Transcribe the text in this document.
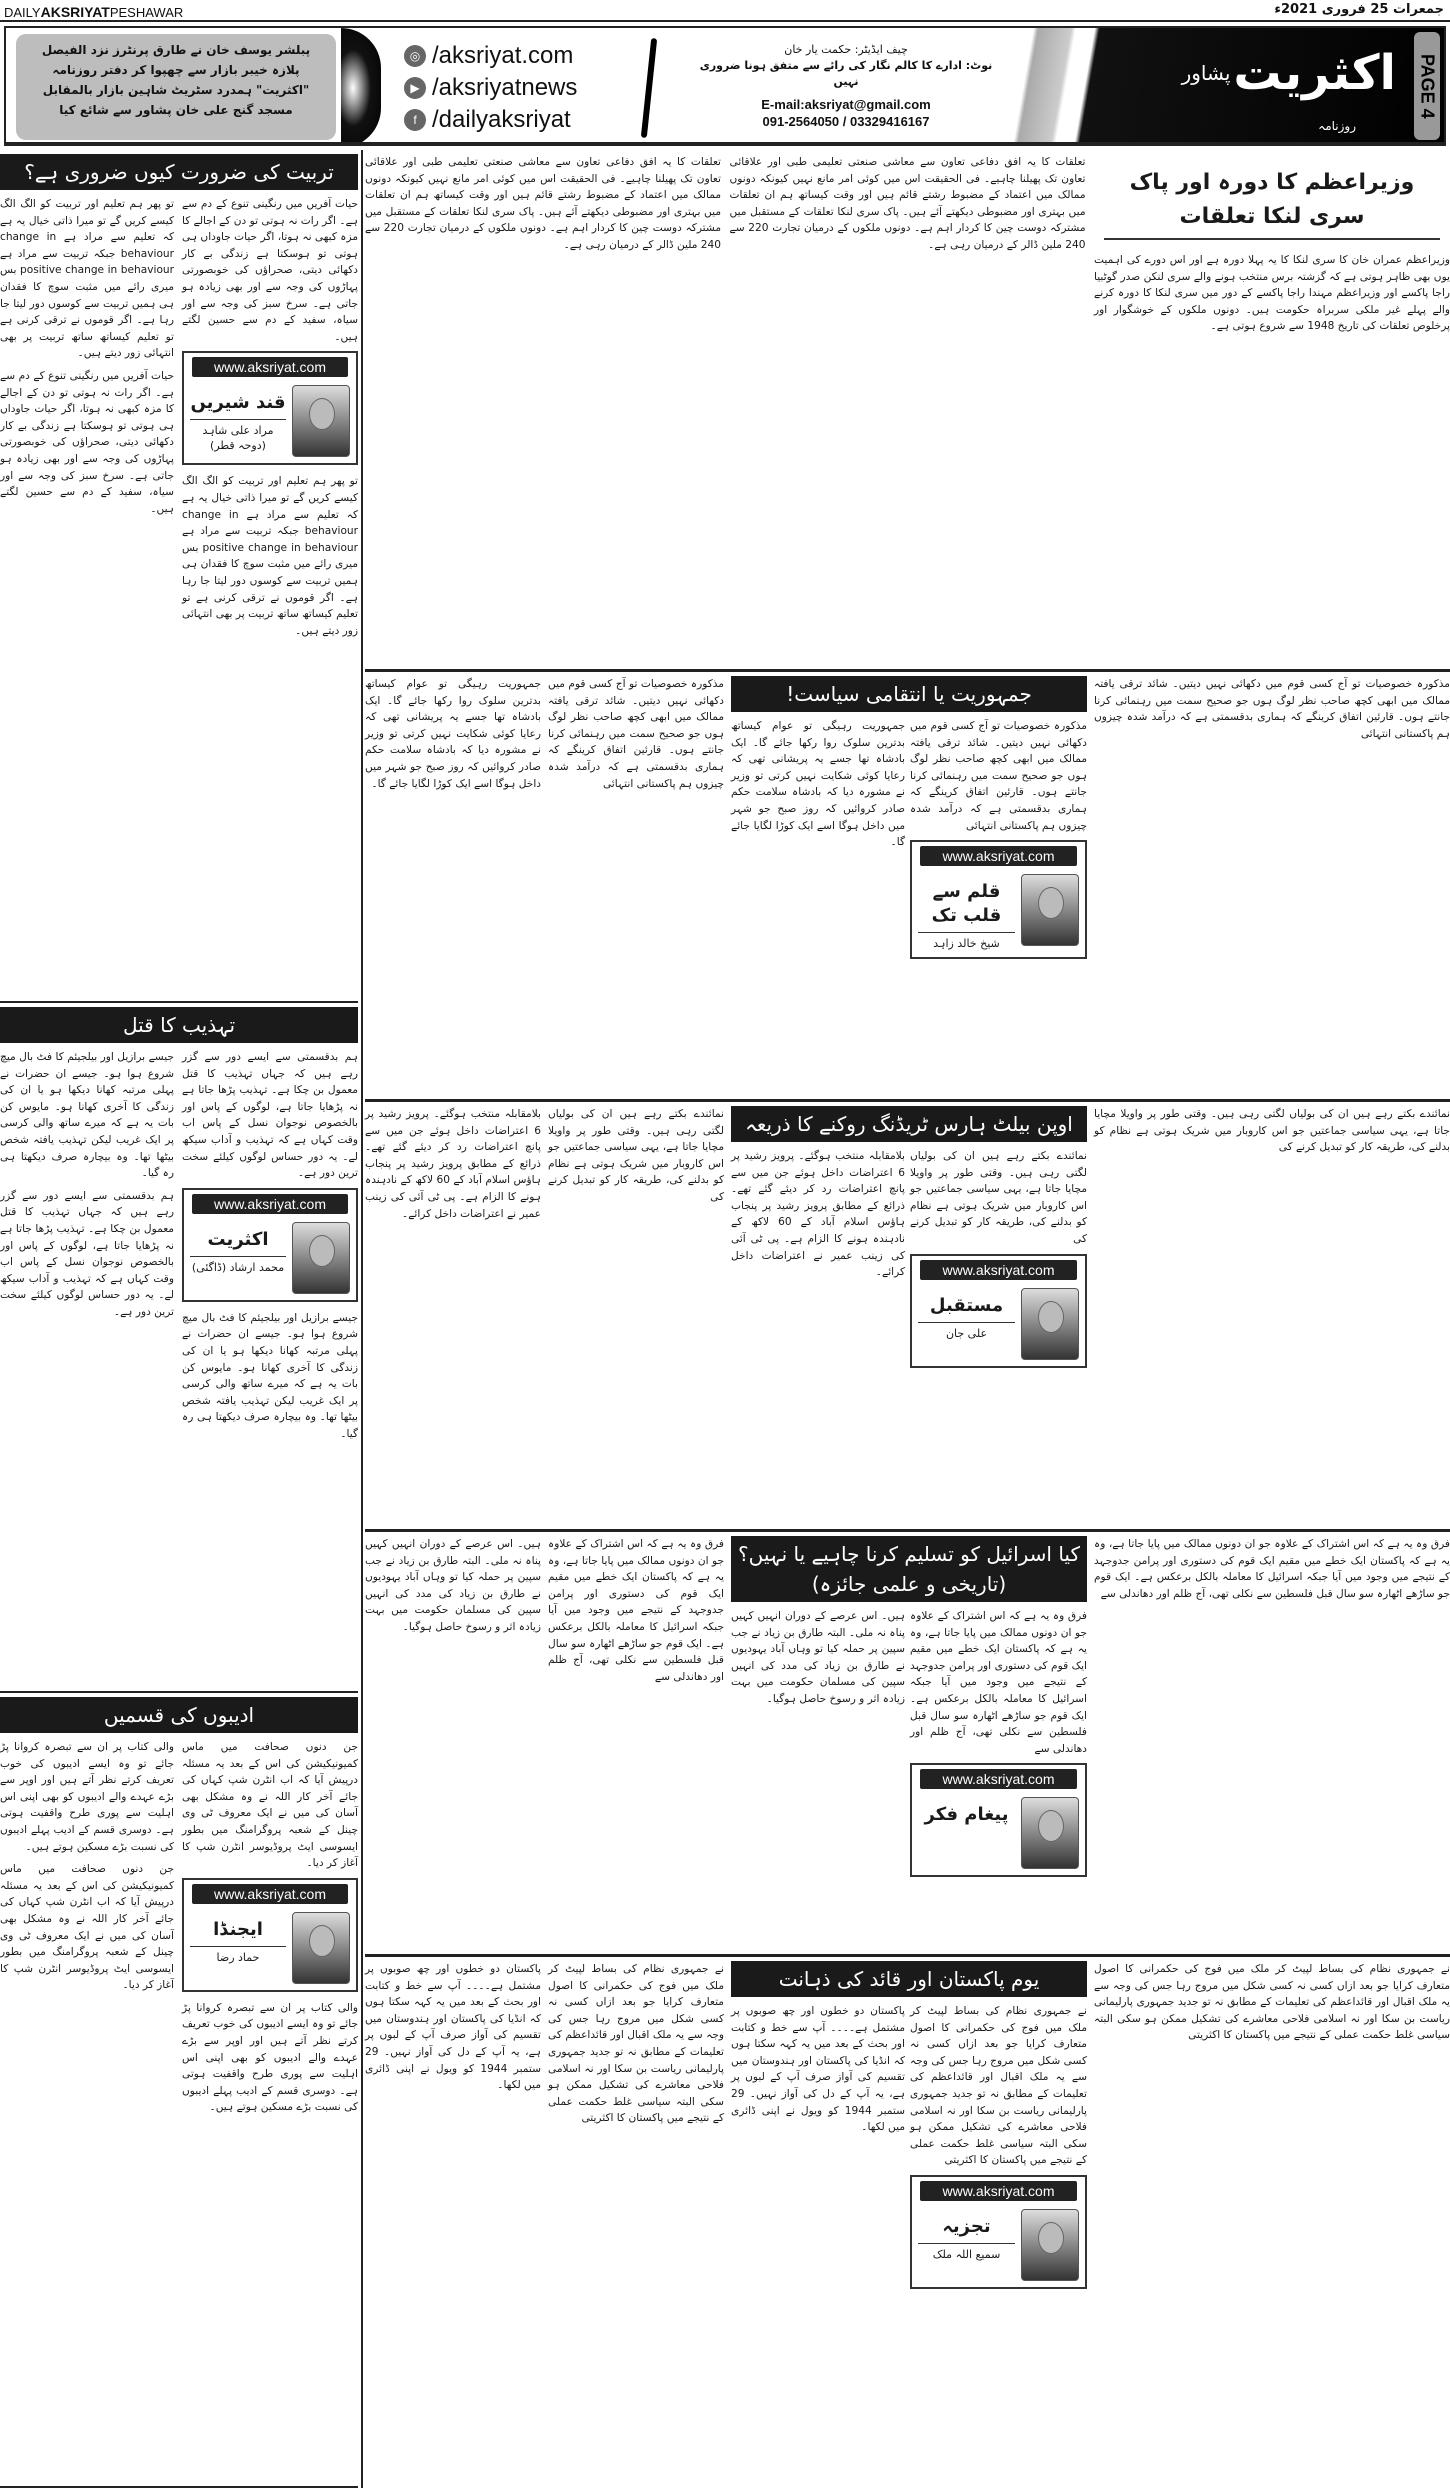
DAILYAKSRIYATPESHAWAR	جمعرات 25 فروری 2021ء
پبلشر یوسف خان نے طارق پرنٹرز نزد الفیصل پلازہ خیبر بازار سے چھپوا کر دفتر روزنامہ "اکثریت" ہمدرد سٹریٹ شاہین بازار بالمقابل مسجد گنج علی خان پشاور سے شائع کیا
◎ /aksriyat.com
▶ /aksriyatnews
f /dailyaksriyat
چیف ایڈیٹر: حکمت یار خان
نوٹ: ادارے کا کالم نگار کی رائے سے متفق ہونا ضروری نہیں
E-mail:aksriyat@gmail.com
091-2564050 / 03329416167
اکثریت
پشاور
روزنامہ
PAGE 4
تربیت کی ضرورت کیوں ضروری ہے؟

حیات آفریں میں رنگینی تنوع کے دم سے ہے۔ اگر رات نہ ہوتی تو دن کے اجالے کا مزہ کبھی نہ ہوتا، اگر حیات جاوداں ہی ہوتی تو ہوسکتا ہے زندگی بے کار دکھائی دیتی، صحراؤں کی خوبصورتی پہاڑوں کی وجہ سے اور بھی زیادہ ہو جاتی ہے۔ سرخ سبز کی وجہ سے اور سیاہ، سفید کے دم سے حسین لگتے ہیں۔

www.aksriyat.com
قند شیریں
مراد علی شاہد (دوحہ قطر)

تو پھر ہم تعلیم اور تربیت کو الگ الگ کیسے کریں گے تو میرا ذاتی خیال یہ ہے کہ تعلیم سے مراد ہے change in behaviour جبکہ تربیت سے مراد ہے positive change in behaviour بس میری رائے میں مثبت سوچ کا فقدان ہی ہمیں تربیت سے کوسوں دور لیتا جا رہا ہے۔ اگر قوموں نے ترقی کرنی ہے تو تعلیم کیساتھ ساتھ تربیت پر بھی انتہائی زور دیتے ہیں۔

تو پھر ہم تعلیم اور تربیت کو الگ الگ کیسے کریں گے تو میرا ذاتی خیال یہ ہے کہ تعلیم سے مراد ہے change in behaviour جبکہ تربیت سے مراد ہے positive change in behaviour بس میری رائے میں مثبت سوچ کا فقدان ہی ہمیں تربیت سے کوسوں دور لیتا جا رہا ہے۔ اگر قوموں نے ترقی کرنی ہے تو تعلیم کیساتھ ساتھ تربیت پر بھی انتہائی زور دیتے ہیں۔

حیات آفریں میں رنگینی تنوع کے دم سے ہے۔ اگر رات نہ ہوتی تو دن کے اجالے کا مزہ کبھی نہ ہوتا، اگر حیات جاوداں ہی ہوتی تو ہوسکتا ہے زندگی بے کار دکھائی دیتی، صحراؤں کی خوبصورتی پہاڑوں کی وجہ سے اور بھی زیادہ ہو جاتی ہے۔ سرخ سبز کی وجہ سے اور سیاہ، سفید کے دم سے حسین لگتے ہیں۔

تہذیب کا قتل

ہم بدقسمتی سے ایسے دور سے گزر رہے ہیں کہ جہاں تہذیب کا قتل معمول بن چکا ہے۔ تہذیب پڑھا جاتا ہے نہ پڑھایا جاتا ہے، لوگوں کے پاس اور بالخصوص نوجوان نسل کے پاس اب وقت کہاں ہے کہ تہذیب و آداب سیکھ لے۔ یہ دور حساس لوگوں کیلئے سخت ترین دور ہے۔

www.aksriyat.com
اکثریت
محمد ارشاد (ڈاگئی)

جیسے برازیل اور بیلجیئم کا فٹ بال میچ شروع ہوا ہو۔ جیسے ان حضرات نے پہلی مرتبہ کھانا دیکھا ہو یا ان کی زندگی کا آخری کھانا ہو۔ مایوس کن بات یہ ہے کہ میرے ساتھ والی کرسی پر ایک غریب لیکن تہذیب یافتہ شخص بیٹھا تھا۔ وہ بیچارہ صرف دیکھتا ہی رہ گیا۔

جیسے برازیل اور بیلجیئم کا فٹ بال میچ شروع ہوا ہو۔ جیسے ان حضرات نے پہلی مرتبہ کھانا دیکھا ہو یا ان کی زندگی کا آخری کھانا ہو۔ مایوس کن بات یہ ہے کہ میرے ساتھ والی کرسی پر ایک غریب لیکن تہذیب یافتہ شخص بیٹھا تھا۔ وہ بیچارہ صرف دیکھتا ہی رہ گیا۔

ہم بدقسمتی سے ایسے دور سے گزر رہے ہیں کہ جہاں تہذیب کا قتل معمول بن چکا ہے۔ تہذیب پڑھا جاتا ہے نہ پڑھایا جاتا ہے، لوگوں کے پاس اور بالخصوص نوجوان نسل کے پاس اب وقت کہاں ہے کہ تہذیب و آداب سیکھ لے۔ یہ دور حساس لوگوں کیلئے سخت ترین دور ہے۔

ادیبوں کی قسمیں

جن دنوں صحافت میں ماس کمیونیکیشن کی اس کے بعد یہ مسئلہ درپیش آیا کہ اب انٹرن شپ کہاں کی جائے آخر کار اللہ نے وہ مشکل بھی آسان کی میں نے ایک معروف ٹی وی چینل کے شعبہ پروگرامنگ میں بطور ایسوسی ایٹ پروڈیوسر انٹرن شپ کا آغاز کر دیا۔

www.aksriyat.com
ایجنڈا
حماد رضا

والی کتاب پر ان سے تبصرہ کروانا پڑ جائے تو وہ ایسے ادیبوں کی خوب تعریف کرتے نظر آتے ہیں اور اوپر سے بڑے عہدے والے ادیبوں کو بھی اپنی اس اہلیت سے پوری طرح واقفیت ہوتی ہے۔ دوسری قسم کے ادیب پہلے ادیبوں کی نسبت بڑے مسکین ہوتے ہیں۔

والی کتاب پر ان سے تبصرہ کروانا پڑ جائے تو وہ ایسے ادیبوں کی خوب تعریف کرتے نظر آتے ہیں اور اوپر سے بڑے عہدے والے ادیبوں کو بھی اپنی اس اہلیت سے پوری طرح واقفیت ہوتی ہے۔ دوسری قسم کے ادیب پہلے ادیبوں کی نسبت بڑے مسکین ہوتے ہیں۔

جن دنوں صحافت میں ماس کمیونیکیشن کی اس کے بعد یہ مسئلہ درپیش آیا کہ اب انٹرن شپ کہاں کی جائے آخر کار اللہ نے وہ مشکل بھی آسان کی میں نے ایک معروف ٹی وی چینل کے شعبہ پروگرامنگ میں بطور ایسوسی ایٹ پروڈیوسر انٹرن شپ کا آغاز کر دیا۔

وزیراعظم کا دورہ اور پاک سری لنکا تعلقات

وزیراعظم عمران خان کا سری لنکا کا یہ پہلا دورہ ہے اور اس دورے کی اہمیت یوں بھی ظاہر ہوتی ہے کہ گزشتہ برس منتخب ہونے والے سری لنکن صدر گوٹبیا راجا پاکسے اور وزیراعظم مہندا راجا پاکسے کے دور میں سری لنکا کا دورہ کرنے والے پہلے غیر ملکی سربراہ حکومت ہیں۔ دونوں ملکوں کے خوشگوار اور پرخلوص تعلقات کی تاریخ 1948 سے شروع ہوتی ہے۔

تعلقات کا یہ افق دفاعی تعاون سے معاشی صنعتی تعلیمی طبی اور علاقائی تعاون تک پھیلنا چاہیے۔ فی الحقیقت اس میں کوئی امر مانع نہیں کیونکہ دونوں ممالک میں اعتماد کے مضبوط رشتے قائم ہیں اور وقت کیساتھ ہم ان تعلقات میں بہتری اور مضبوطی دیکھتے آئے ہیں۔ پاک سری لنکا تعلقات کے مستقبل میں مشترکہ دوست چین کا کردار اہم ہے۔ دونوں ملکوں کے درمیان تجارت 220 سے 240 ملین ڈالر کے درمیان رہی ہے۔

تعلقات کا یہ افق دفاعی تعاون سے معاشی صنعتی تعلیمی طبی اور علاقائی تعاون تک پھیلنا چاہیے۔ فی الحقیقت اس میں کوئی امر مانع نہیں کیونکہ دونوں ممالک میں اعتماد کے مضبوط رشتے قائم ہیں اور وقت کیساتھ ہم ان تعلقات میں بہتری اور مضبوطی دیکھتے آئے ہیں۔ پاک سری لنکا تعلقات کے مستقبل میں مشترکہ دوست چین کا کردار اہم ہے۔ دونوں ملکوں کے درمیان تجارت 220 سے 240 ملین ڈالر کے درمیان رہی ہے۔

مذکورہ خصوصیات تو آج کسی قوم میں دکھائی نہیں دیتیں۔ شائد ترقی یافتہ ممالک میں ابھی کچھ صاحب نظر لوگ ہوں جو صحیح سمت میں رہنمائی کرنا جانتے ہوں۔ قارئین اتفاق کرینگے کہ ہماری بدقسمتی ہے کہ درآمد شدہ چیزوں ہم پاکستانی انتہائی

جمہوریت یا انتقامی سیاست!

مذکورہ خصوصیات تو آج کسی قوم میں دکھائی نہیں دیتیں۔ شائد ترقی یافتہ ممالک میں ابھی کچھ صاحب نظر لوگ ہوں جو صحیح سمت میں رہنمائی کرنا جانتے ہوں۔ قارئین اتفاق کرینگے کہ ہماری بدقسمتی ہے کہ درآمد شدہ چیزوں ہم پاکستانی انتہائی

www.aksriyat.com
قلم سے قلب تک
شیخ خالد زاہد

جمہوریت رہیگی تو عوام کیساتھ بدترین سلوک روا رکھا جائے گا۔ ایک بادشاہ تھا جسے یہ پریشانی تھی کہ رعایا کوئی شکایت نہیں کرتی تو وزیر نے مشورہ دیا کہ بادشاہ سلامت حکم صادر کروائیں کہ روز صبح جو شہر میں داخل ہوگا اسے ایک کوڑا لگایا جائے گا۔

مذکورہ خصوصیات تو آج کسی قوم میں دکھائی نہیں دیتیں۔ شائد ترقی یافتہ ممالک میں ابھی کچھ صاحب نظر لوگ ہوں جو صحیح سمت میں رہنمائی کرنا جانتے ہوں۔ قارئین اتفاق کرینگے کہ ہماری بدقسمتی ہے کہ درآمد شدہ چیزوں ہم پاکستانی انتہائی

جمہوریت رہیگی تو عوام کیساتھ بدترین سلوک روا رکھا جائے گا۔ ایک بادشاہ تھا جسے یہ پریشانی تھی کہ رعایا کوئی شکایت نہیں کرتی تو وزیر نے مشورہ دیا کہ بادشاہ سلامت حکم صادر کروائیں کہ روز صبح جو شہر میں داخل ہوگا اسے ایک کوڑا لگایا جائے گا۔

نمائندے بکتے رہے ہیں ان کی بولیاں لگتی رہی ہیں۔ وقتی طور پر واویلا مچایا جاتا ہے، یہی سیاسی جماعتیں جو اس کاروبار میں شریک ہوتی ہے نظام کو بدلنے کی، طریقہ کار کو تبدیل کرنے کی

اوپن بیلٹ ہارس ٹریڈنگ روکنے کا ذریعہ

نمائندے بکتے رہے ہیں ان کی بولیاں لگتی رہی ہیں۔ وقتی طور پر واویلا مچایا جاتا ہے، یہی سیاسی جماعتیں جو اس کاروبار میں شریک ہوتی ہے نظام کو بدلنے کی، طریقہ کار کو تبدیل کرنے کی

www.aksriyat.com
مستقبل
علی جان

بلامقابلہ منتخب ہوگئے۔ پرویز رشید پر 6 اعتراضات داخل ہوئے جن میں سے پانچ اعتراضات رد کر دیئے گئے تھے۔ ذرائع کے مطابق پرویز رشید پر پنجاب ہاؤس اسلام آباد کے 60 لاکھ کے نادہندہ ہونے کا الزام ہے۔ پی ٹی آئی کی زینب عمیر نے اعتراضات داخل کرائے۔

نمائندے بکتے رہے ہیں ان کی بولیاں لگتی رہی ہیں۔ وقتی طور پر واویلا مچایا جاتا ہے، یہی سیاسی جماعتیں جو اس کاروبار میں شریک ہوتی ہے نظام کو بدلنے کی، طریقہ کار کو تبدیل کرنے کی

بلامقابلہ منتخب ہوگئے۔ پرویز رشید پر 6 اعتراضات داخل ہوئے جن میں سے پانچ اعتراضات رد کر دیئے گئے تھے۔ ذرائع کے مطابق پرویز رشید پر پنجاب ہاؤس اسلام آباد کے 60 لاکھ کے نادہندہ ہونے کا الزام ہے۔ پی ٹی آئی کی زینب عمیر نے اعتراضات داخل کرائے۔

فرق وہ یہ ہے کہ اس اشتراک کے علاوہ جو ان دونوں ممالک میں پایا جاتا ہے، وہ یہ ہے کہ پاکستان ایک خطے میں مقیم ایک قوم کی دستوری اور پرامن جدوجہد کے نتیجے میں وجود میں آیا جبکہ اسرائیل کا معاملہ بالکل برعکس ہے۔ ایک قوم جو ساڑھے اٹھارہ سو سال قبل فلسطین سے نکلی تھی، آج ظلم اور دھاندلی سے

کیا اسرائیل کو تسلیم کرنا چاہیے یا نہیں؟ (تاریخی و علمی جائزہ)

فرق وہ یہ ہے کہ اس اشتراک کے علاوہ جو ان دونوں ممالک میں پایا جاتا ہے، وہ یہ ہے کہ پاکستان ایک خطے میں مقیم ایک قوم کی دستوری اور پرامن جدوجہد کے نتیجے میں وجود میں آیا جبکہ اسرائیل کا معاملہ بالکل برعکس ہے۔ ایک قوم جو ساڑھے اٹھارہ سو سال قبل فلسطین سے نکلی تھی، آج ظلم اور دھاندلی سے

www.aksriyat.com
پیغام فکر

ہیں۔ اس عرصے کے دوران انہیں کہیں پناہ نہ ملی۔ البتہ طارق بن زیاد نے جب سپین پر حملہ کیا تو وہاں آباد یہودیوں نے طارق بن زیاد کی مدد کی انہیں سپین کی مسلمان حکومت میں بہت زیادہ اثر و رسوخ حاصل ہوگیا۔

فرق وہ یہ ہے کہ اس اشتراک کے علاوہ جو ان دونوں ممالک میں پایا جاتا ہے، وہ یہ ہے کہ پاکستان ایک خطے میں مقیم ایک قوم کی دستوری اور پرامن جدوجہد کے نتیجے میں وجود میں آیا جبکہ اسرائیل کا معاملہ بالکل برعکس ہے۔ ایک قوم جو ساڑھے اٹھارہ سو سال قبل فلسطین سے نکلی تھی، آج ظلم اور دھاندلی سے

ہیں۔ اس عرصے کے دوران انہیں کہیں پناہ نہ ملی۔ البتہ طارق بن زیاد نے جب سپین پر حملہ کیا تو وہاں آباد یہودیوں نے طارق بن زیاد کی مدد کی انہیں سپین کی مسلمان حکومت میں بہت زیادہ اثر و رسوخ حاصل ہوگیا۔

نے جمہوری نظام کی بساط لپیٹ کر ملک میں فوج کی حکمرانی کا اصول متعارف کرایا جو بعد ازاں کسی نہ کسی شکل میں مروج رہا جس کی وجہ سے یہ ملک اقبال اور قائداعظم کی تعلیمات کے مطابق نہ تو جدید جمہوری پارلیمانی ریاست بن سکا اور نہ اسلامی فلاحی معاشرے کی تشکیل ممکن ہو سکی البتہ سیاسی غلط حکمت عملی کے نتیجے میں پاکستان کا اکثریتی

یوم پاکستان اور قائد کی ذہانت

نے جمہوری نظام کی بساط لپیٹ کر ملک میں فوج کی حکمرانی کا اصول متعارف کرایا جو بعد ازاں کسی نہ کسی شکل میں مروج رہا جس کی وجہ سے یہ ملک اقبال اور قائداعظم کی تعلیمات کے مطابق نہ تو جدید جمہوری پارلیمانی ریاست بن سکا اور نہ اسلامی فلاحی معاشرے کی تشکیل ممکن ہو سکی البتہ سیاسی غلط حکمت عملی کے نتیجے میں پاکستان کا اکثریتی

www.aksriyat.com
تجزیہ
سمیع اللہ ملک

پاکستان دو خطوں اور چھ صوبوں پر مشتمل ہے۔۔۔۔ آپ سے خط و کتابت اور بحث کے بعد میں یہ کہہ سکتا ہوں کہ انڈیا کی پاکستان اور ہندوستان میں تقسیم کی آواز صرف آپ کے لبوں پر ہے، یہ آپ کے دل کی آواز نہیں۔ 29 ستمبر 1944 کو ویول نے اپنی ڈائری میں لکھا۔

نے جمہوری نظام کی بساط لپیٹ کر ملک میں فوج کی حکمرانی کا اصول متعارف کرایا جو بعد ازاں کسی نہ کسی شکل میں مروج رہا جس کی وجہ سے یہ ملک اقبال اور قائداعظم کی تعلیمات کے مطابق نہ تو جدید جمہوری پارلیمانی ریاست بن سکا اور نہ اسلامی فلاحی معاشرے کی تشکیل ممکن ہو سکی البتہ سیاسی غلط حکمت عملی کے نتیجے میں پاکستان کا اکثریتی

پاکستان دو خطوں اور چھ صوبوں پر مشتمل ہے۔۔۔۔ آپ سے خط و کتابت اور بحث کے بعد میں یہ کہہ سکتا ہوں کہ انڈیا کی پاکستان اور ہندوستان میں تقسیم کی آواز صرف آپ کے لبوں پر ہے، یہ آپ کے دل کی آواز نہیں۔ 29 ستمبر 1944 کو ویول نے اپنی ڈائری میں لکھا۔
